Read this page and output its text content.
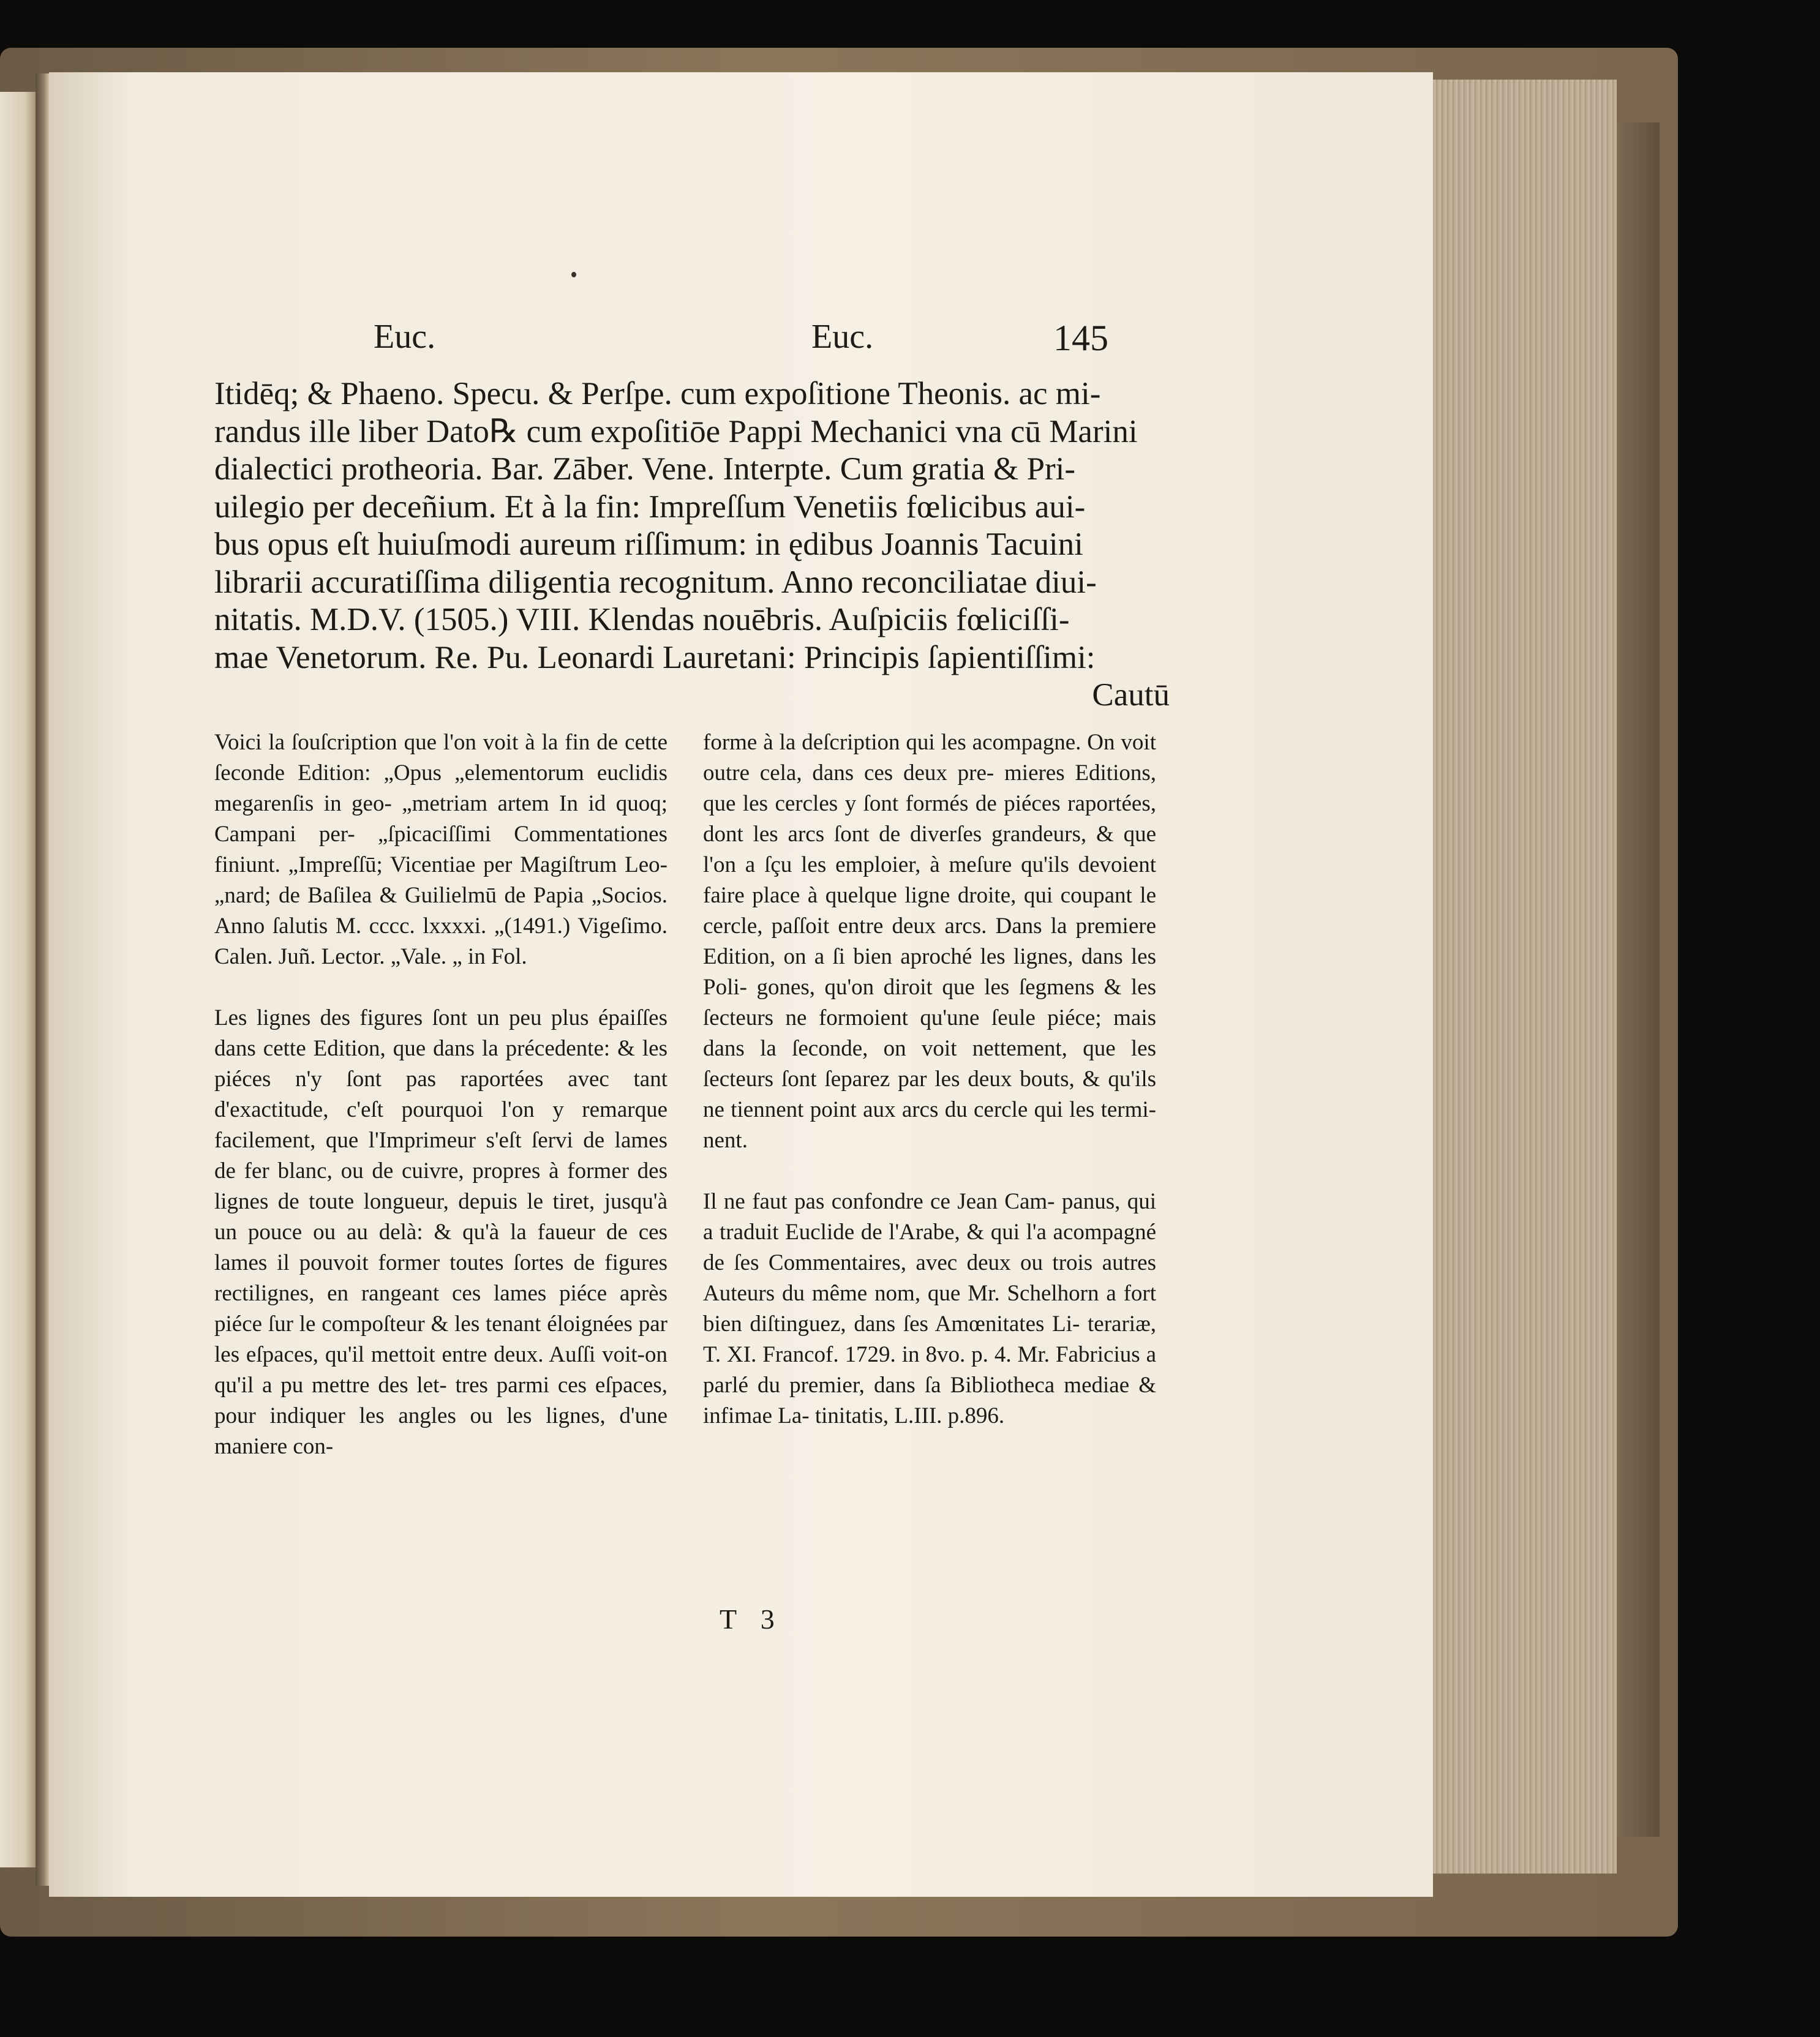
Euc.	Euc.	145
Itidēq; & Phaeno. Specu. & Perſpe. cum expoſitione Theonis. ac mi-
randus ille liber Dato℞ cum expoſitiōe Pappi Mechanici vna cū Marini
dialectici protheoria. Bar. Zāber. Vene. Interpte. Cum gratia & Pri-
uilegio per deceñium. Et à la fin: Impreſſum Venetiis fœlicibus aui-
bus opus eſt huiuſmodi aureum riſſimum: in ędibus Joannis Tacuini
librarii accuratiſſima diligentia recognitum. Anno reconciliatae diui-
nitatis. M.D.V. (1505.) VIII. Klendas nouēbris. Auſpiciis fœliciſſi-
mae Venetorum. Re. Pu. Leonardi Lauretani: Principis ſapientiſſimi:
Cautū

Voici la ſouſcription que l'on voit à la fin de cette ſeconde Edition: „Opus „elementorum euclidis megarenſis in geo- „metriam artem In id quoq; Campani per- „ſpicaciſſimi Commentationes finiunt. „Impreſſū; Vicentiae per Magiſtrum Leo- „nard; de Baſilea & Guilielmū de Papia „Socios. Anno ſalutis M. cccc. lxxxxi. „(1491.) Vigeſimo. Calen. Juñ. Lector. „Vale. „ in Fol.

Les lignes des figures ſont un peu plus épaiſſes dans cette Edition, que dans la précedente: & les piéces n'y ſont pas raportées avec tant d'exactitude, c'eſt pourquoi l'on y remarque facilement, que l'Imprimeur s'eſt ſervi de lames de fer blanc, ou de cuivre, propres à former des lignes de toute longueur, depuis le tiret, jusqu'à un pouce ou au delà: & qu'à la faueur de ces lames il pouvoit former toutes ſortes de figures rectilignes, en rangeant ces lames piéce après piéce ſur le compoſteur & les tenant éloignées par les eſpaces, qu'il mettoit entre deux. Auſſi voit-on qu'il a pu mettre des let- tres parmi ces eſpaces, pour indiquer les angles ou les lignes, d'une maniere con-

forme à la deſcription qui les acompagne. On voit outre cela, dans ces deux pre- mieres Editions, que les cercles y ſont formés de piéces raportées, dont les arcs ſont de diverſes grandeurs, & que l'on a ſçu les emploier, à meſure qu'ils devoient faire place à quelque ligne droite, qui coupant le cercle, paſſoit entre deux arcs. Dans la premiere Edition, on a ſi bien aproché les lignes, dans les Poli- gones, qu'on diroit que les ſegmens & les ſecteurs ne formoient qu'une ſeule piéce; mais dans la ſeconde, on voit nettement, que les ſecteurs ſont ſeparez par les deux bouts, & qu'ils ne tiennent point aux arcs du cercle qui les termi- nent.

Il ne faut pas confondre ce Jean Cam- panus, qui a traduit Euclide de l'Arabe, & qui l'a acompagné de ſes Commentaires, avec deux ou trois autres Auteurs du même nom, que Mr. Schelhorn a fort bien diſtinguez, dans ſes Amœnitates Li- terariæ, T. XI. Francof. 1729. in 8vo. p. 4. Mr. Fabricius a parlé du premier, dans ſa Bibliotheca mediae & infimae La- tinitatis, L.III. p.896.

T 3
